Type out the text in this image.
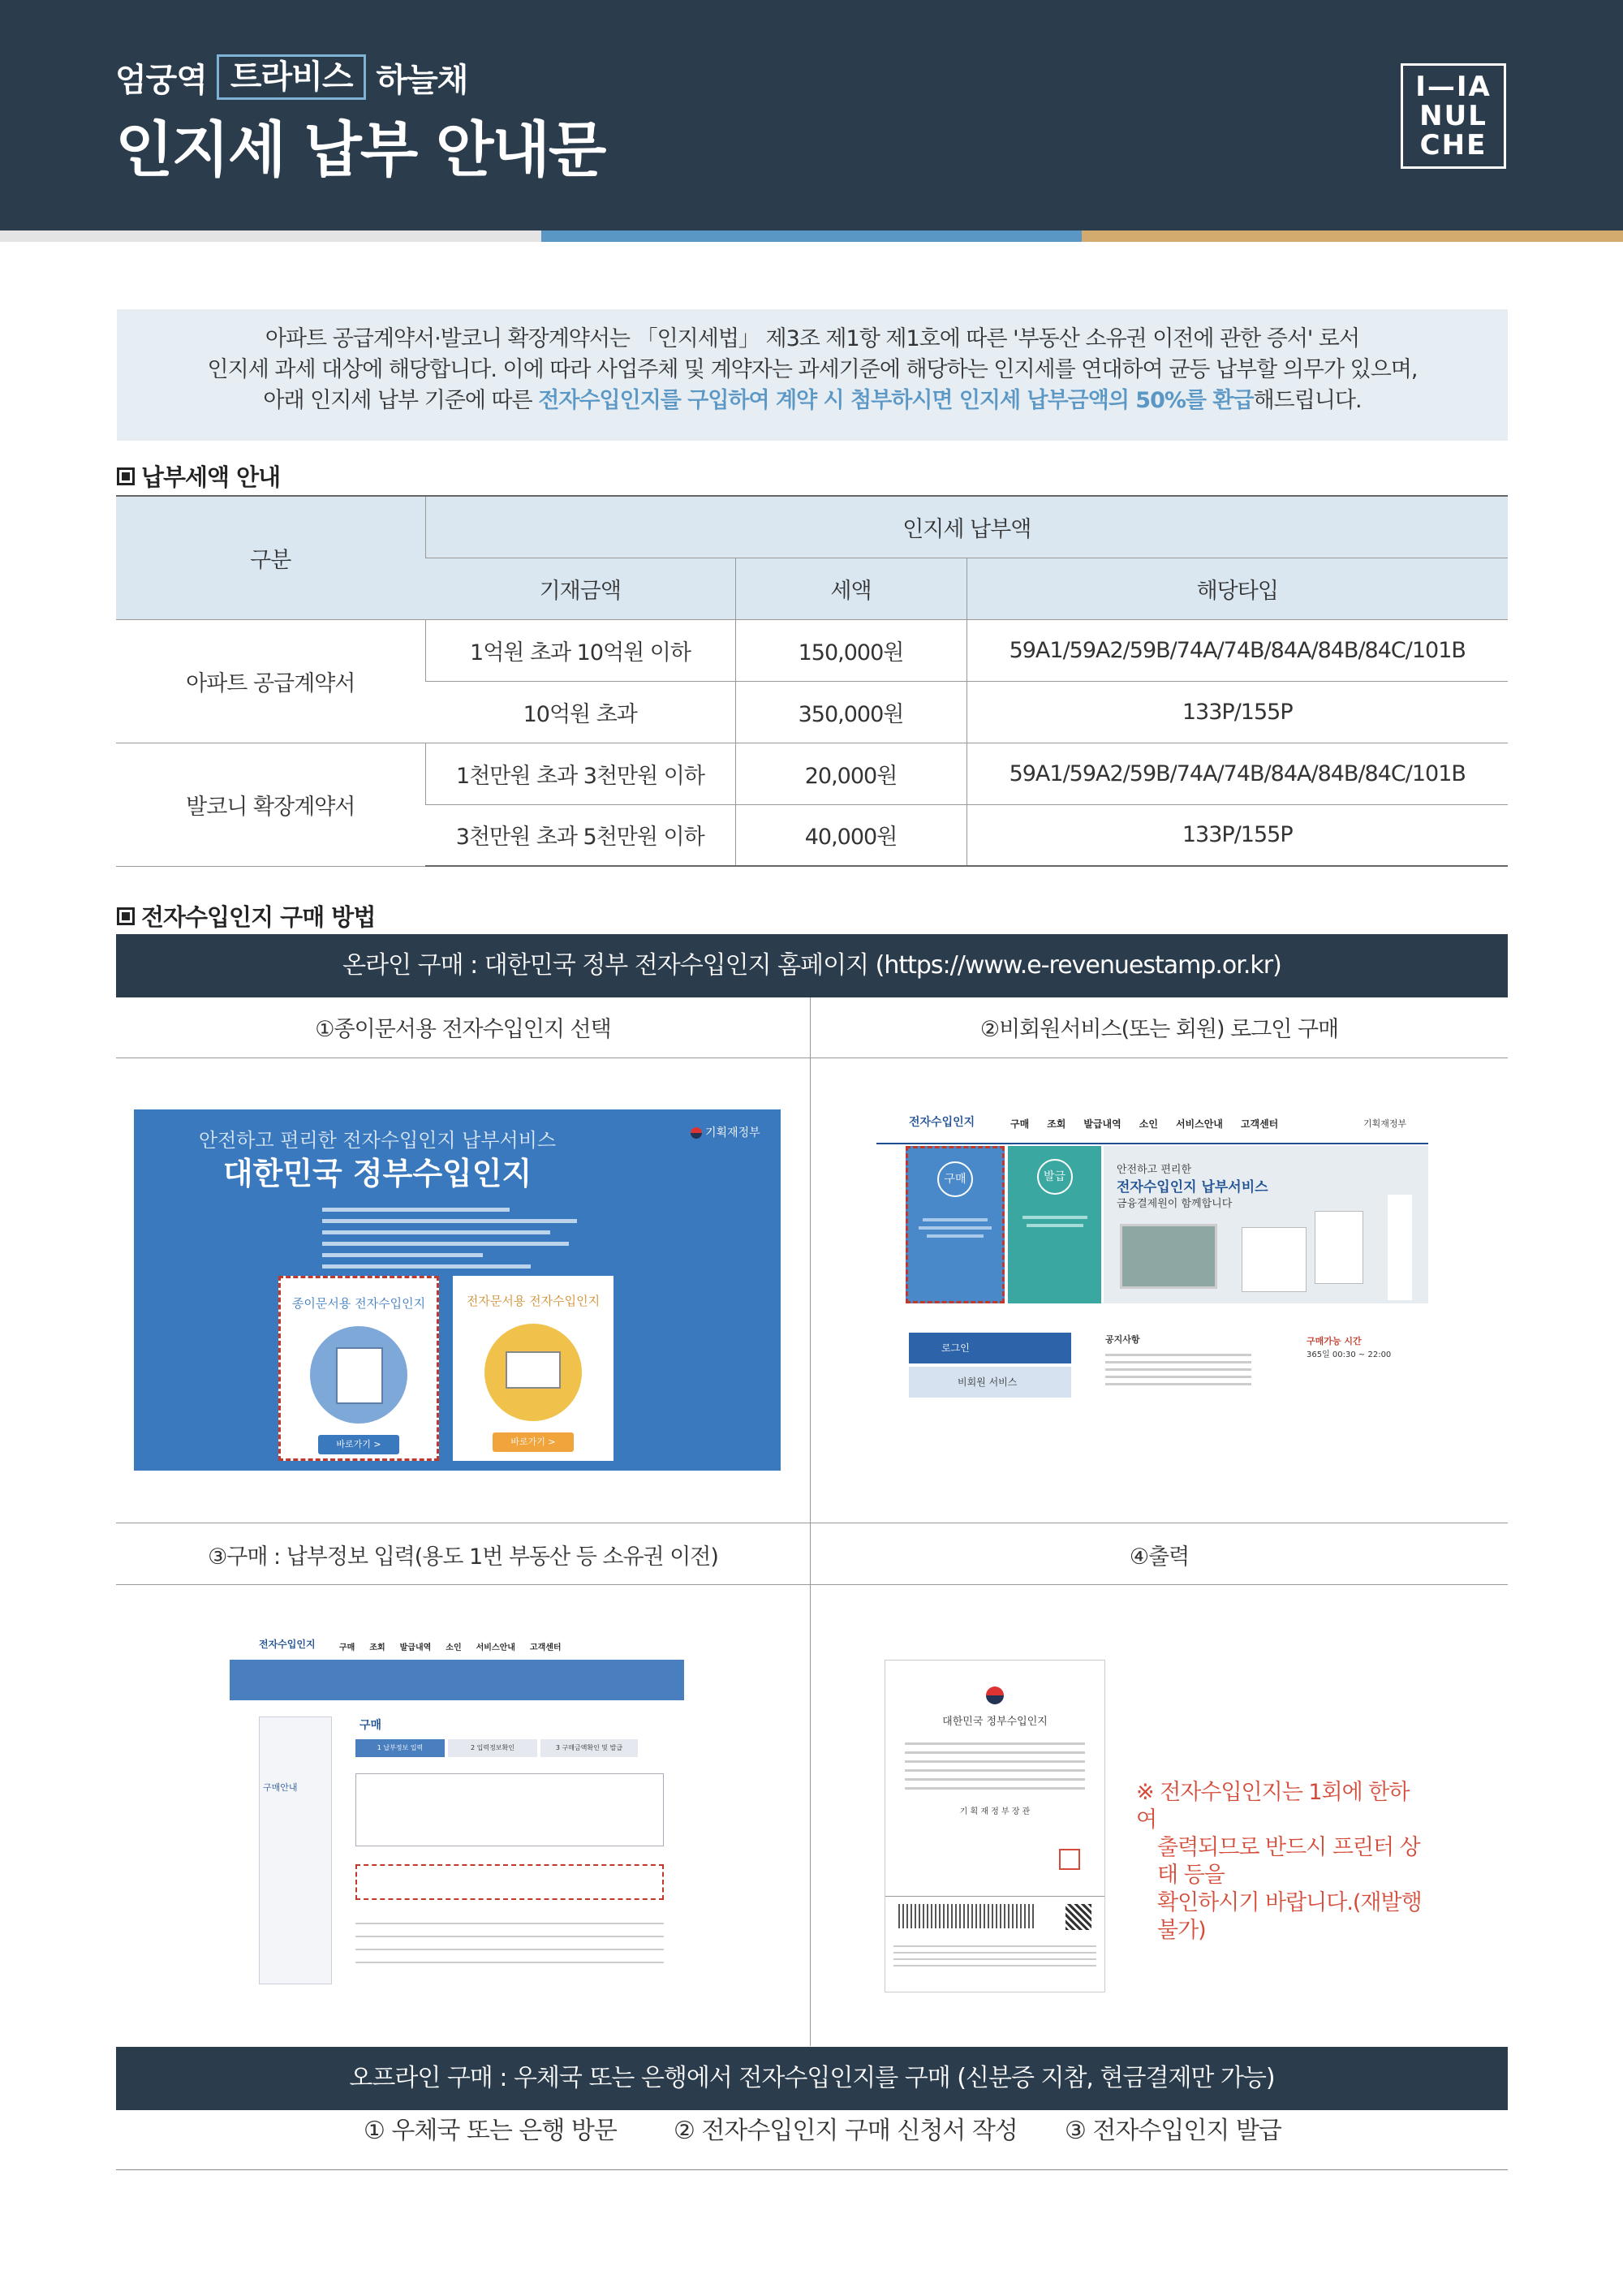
엄궁역 트라비스 하늘채
인지세 납부 안내문
I—IA
NUL
CHE
아파트 공급계약서·발코니 확장계약서는 「인지세법」 제3조 제1항 제1호에 따른 '부동산 소유권 이전에 관한 증서' 로서
인지세 과세 대상에 해당합니다. 이에 따라 사업주체 및 계약자는 과세기준에 해당하는 인지세를 연대하여 균등 납부할 의무가 있으며,
아래 인지세 납부 기준에 따른 전자수입인지를 구입하여 계약 시 첨부하시면 인지세 납부금액의 50%를 환급해드립니다.
납부세액 안내
구분	인지세 납부액		
	기재금액	세액	해당타입
아파트 공급계약서	1억원 초과 10억원 이하	150,000원	59A1/59A2/59B/74A/74B/84A/84B/84C/101B
	10억원 초과	350,000원	133P/155P
발코니 확장계약서	1천만원 초과 3천만원 이하	20,000원	59A1/59A2/59B/74A/74B/84A/84B/84C/101B
	3천만원 초과 5천만원 이하	40,000원	133P/155P
전자수입인지 구매 방법
온라인 구매 : 대한민국 정부 전자수입인지 홈페이지 (https://www.e-revenuestamp.or.kr)
①종이문서용 전자수입인지 선택	②비회원서비스(또는 회원) 로그인 구매
③구매 : 납부정보 입력(용도 1번 부동산 등 소유권 이전)	④출력
안전하고 편리한 전자수입인지 납부서비스
대한민국 정부수입인지
기획재정부
종이문서용 전자수입인지
바로가기 >
전자문서용 전자수입인지
바로가기 >
전자수입인지	구매 조회 발급내역 소인 서비스안내 고객센터	기획재정부
구매	발급
안전하고 편리한
전자수입인지 납부서비스
금융결제원이 함께합니다
로그인
비회원 서비스
공지사항	구매가능 시간
365일 00:30 ~ 22:00
전자수입인지	구매 조회 발급내역 소인 서비스안내 고객센터
구매안내
구매
1 납부정보 입력	2 입력정보확인	3 구매금액확인 및 발급
대한민국 정부수입인지
기 획 재 정 부 장 관
※ 전자수입인지는 1회에 한하여
출력되므로 반드시 프린터 상태 등을
확인하시기 바랍니다.(재발행 불가)
오프라인 구매 : 우체국 또는 은행에서 전자수입인지를 구매 (신분증 지참, 현금결제만 가능)
① 우체국 또는 은행 방문 ② 전자수입인지 구매 신청서 작성 ③ 전자수입인지 발급
